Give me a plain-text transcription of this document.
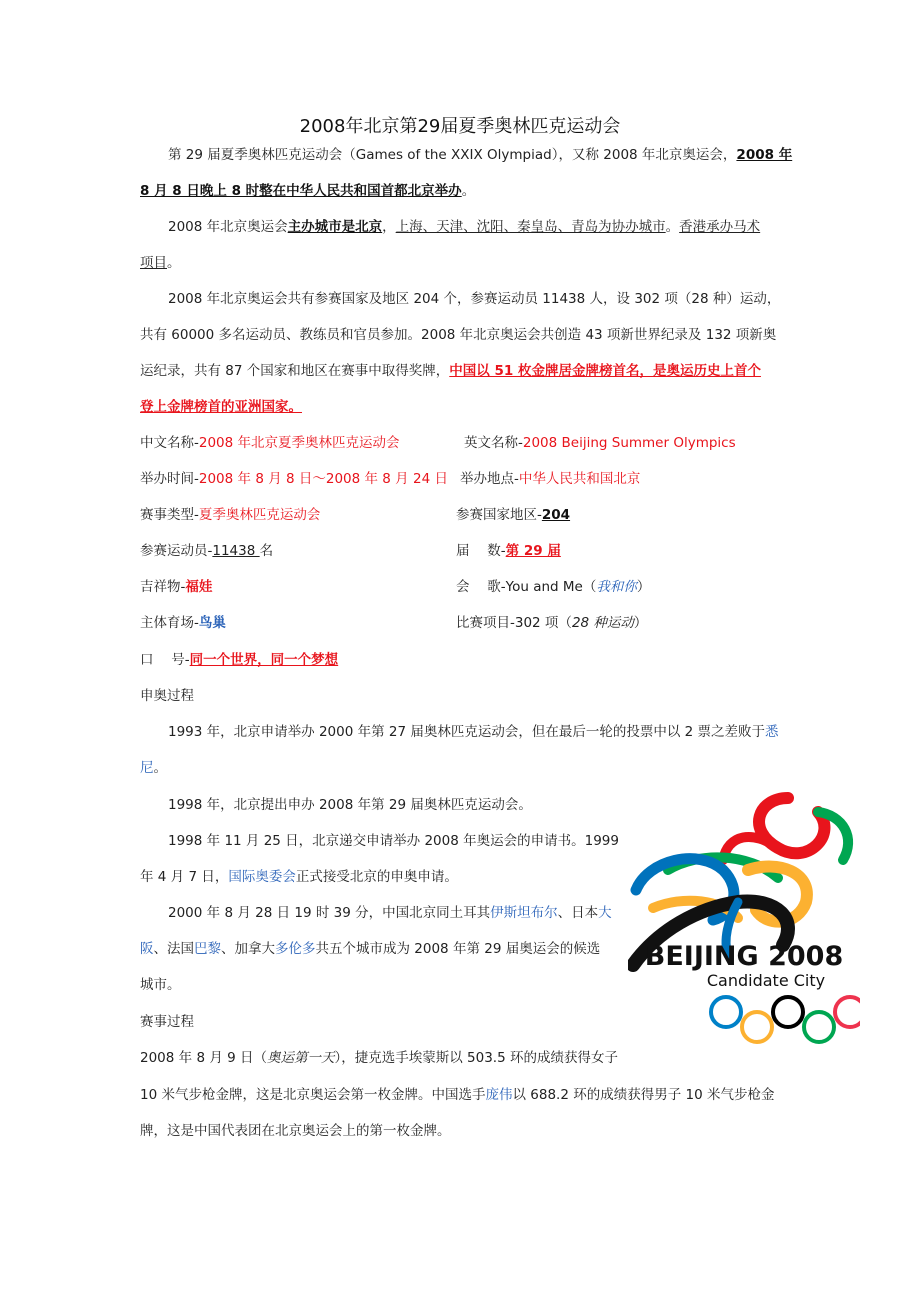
2008年北京第29届夏季奥林匹克运动会
第 29 届夏季奥林匹克运动会（Games of the XXIX Olympiad），又称 2008 年北京奥运会，2008 年
8 月 8 日晚上 8 时整在中华人民共和国首都北京举办。
2008 年北京奥运会主办城市是北京，上海、天津、沈阳、秦皇岛、青岛为协办城市。香港承办马术
项目。
2008 年北京奥运会共有参赛国家及地区 204 个，参赛运动员 11438 人，设 302 项（28 种）运动，
共有 60000 多名运动员、教练员和官员参加。2008 年北京奥运会共创造 43 项新世界纪录及 132 项新奥
运纪录，共有 87 个国家和地区在赛事中取得奖牌，中国以 51 枚金牌居金牌榜首名，是奥运历史上首个
登上金牌榜首的亚洲国家。
中文名称-2008 年北京夏季奥林匹克运动会	英文名称-2008 Beijing Summer Olympics
举办时间-2008 年 8 月 8 日～2008 年 8 月 24 日 举办地点-中华人民共和国北京
赛事类型-夏季奥林匹克运动会	参赛国家地区-204
参赛运动员-11438 名	届　 数-第 29 届
吉祥物-福娃	会　 歌-You and Me（我和你）
主体育场-鸟巢	比赛项目-302 项（28 种运动）
口　 号-同一个世界，同一个梦想
申奥过程
1993 年，北京申请举办 2000 年第 27 届奥林匹克运动会，但在最后一轮的投票中以 2 票之差败于悉
尼。
1998 年，北京提出申办 2008 年第 29 届奥林匹克运动会。
1998 年 11 月 25 日，北京递交申请举办 2008 年奥运会的申请书。1999
年 4 月 7 日，国际奥委会正式接受北京的申奥申请。
2000 年 8 月 28 日 19 时 39 分，中国北京同土耳其伊斯坦布尔、日本大
阪、法国巴黎、加拿大多伦多共五个城市成为 2008 年第 29 届奥运会的候选
城市。
赛事过程
2008 年 8 月 9 日（奥运第一天），捷克选手埃蒙斯以 503.5 环的成绩获得女子
10 米气步枪金牌，这是北京奥运会第一枚金牌。中国选手庞伟以 688.2 环的成绩获得男子 10 米气步枪金
牌，这是中国代表团在北京奥运会上的第一枚金牌。
BEIJING 2008
Candidate City
